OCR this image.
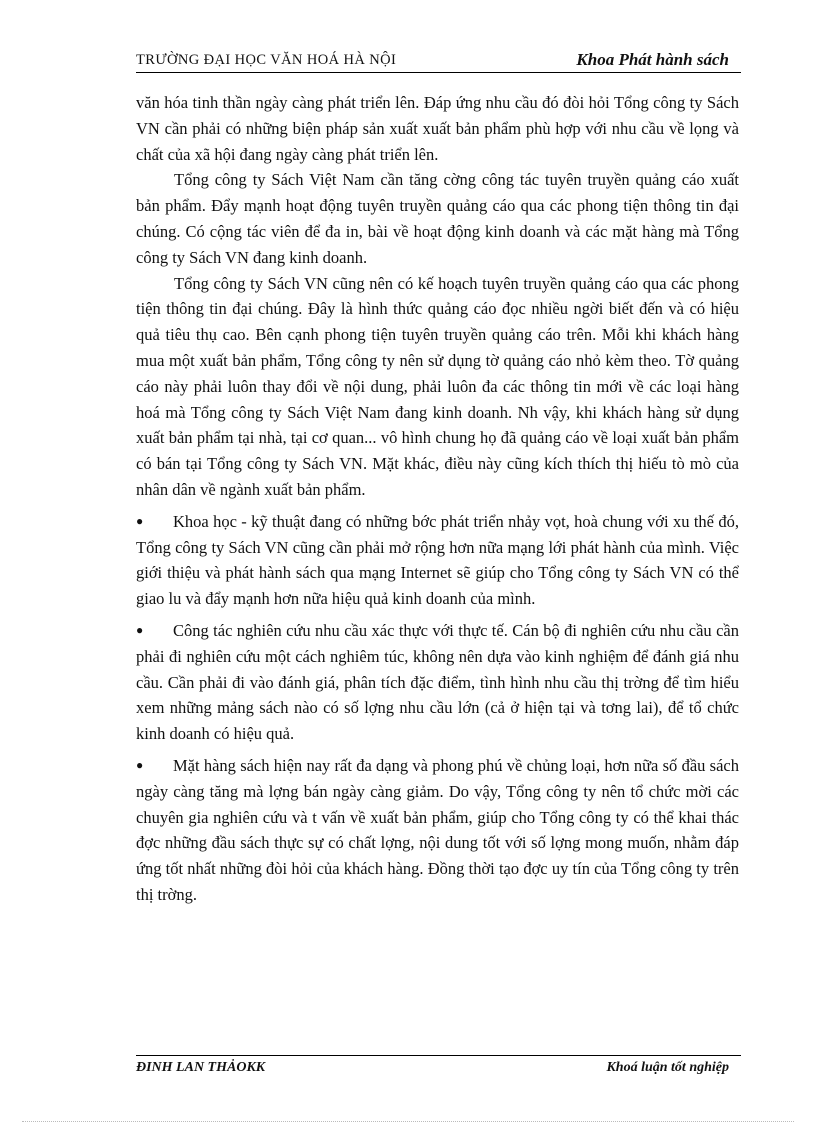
TRƯỜNG ĐẠI HỌC VĂN HOÁ HÀ NỘI	Khoa Phát hành sách

văn hóa tinh thần ngày càng phát triển lên. Đáp ứng nhu cầu đó đòi hỏi Tổng công ty Sách VN cần phải có những biện pháp sản xuất xuất bản phẩm phù hợp với nhu cầu về lọng và chất của xã hội đang ngày càng phát triển lên.

Tổng công ty Sách Việt Nam cần tăng cờng công tác tuyên truyền quảng cáo xuất bản phẩm. Đẩy mạnh hoạt động tuyên truyền quảng cáo qua các phong tiện thông tin đại chúng. Có cộng tác viên để đa in, bài về hoạt động kinh doanh và các mặt hàng mà Tổng công ty Sách VN đang kinh doanh.

Tổng công ty Sách VN cũng nên có kế hoạch tuyên truyền quảng cáo qua các phong tiện thông tin đại chúng. Đây là hình thức quảng cáo đọc nhiều ngời biết đến và có hiệu quả tiêu thụ cao. Bên cạnh phong tiện tuyên truyền quảng cáo trên. Mỗi khi khách hàng mua một xuất bản phẩm, Tổng công ty nên sử dụng tờ quảng cáo nhỏ kèm theo. Tờ quảng cáo này phải luôn thay đổi về nội dung, phải luôn đa các thông tin mới về các loại hàng hoá mà Tổng công ty Sách Việt Nam đang kinh doanh. Nh vậy, khi khách hàng sử dụng xuất bản phẩm tại nhà, tại cơ quan... vô hình chung họ đã quảng cáo về loại xuất bản phẩm có bán tại Tổng công ty Sách VN. Mặt khác, điều này cũng kích thích thị hiếu tò mò của nhân dân về ngành xuất bản phẩm.

● Khoa học - kỹ thuật đang có những bớc phát triển nhảy vọt, hoà chung với xu thế đó, Tổng công ty Sách VN cũng cần phải mở rộng hơn nữa mạng lới phát hành của mình. Việc giới thiệu và phát hành sách qua mạng Internet sẽ giúp cho Tổng công ty Sách VN có thể giao lu và đẩy mạnh hơn nữa hiệu quả kinh doanh của mình.

● Công tác nghiên cứu nhu cầu xác thực với thực tế. Cán bộ đi nghiên cứu nhu cầu cần phải đi nghiên cứu một cách nghiêm túc, không nên dựa vào kinh nghiệm để đánh giá nhu cầu. Cần phải đi vào đánh giá, phân tích đặc điểm, tình hình nhu cầu thị trờng để tìm hiểu xem những mảng sách nào có số lợng nhu cầu lớn (cả ở hiện tại và tơng lai), để tổ chức kinh doanh có hiệu quả.

● Mặt hàng sách hiện nay rất đa dạng và phong phú về chủng loại, hơn nữa số đầu sách ngày càng tăng mà lợng bán ngày càng giảm. Do vậy, Tổng công ty nên tổ chức mời các chuyên gia nghiên cứu và t vấn về xuất bản phẩm, giúp cho Tổng công ty có thể khai thác đợc những đầu sách thực sự có chất lợng, nội dung tốt với số lợng mong muốn, nhằm đáp ứng tốt nhất những đòi hỏi của khách hàng. Đồng thời tạo đợc uy tín của Tổng công ty trên thị trờng.

ĐINH LAN THẢOKK	Khoá luận tốt nghiệp
